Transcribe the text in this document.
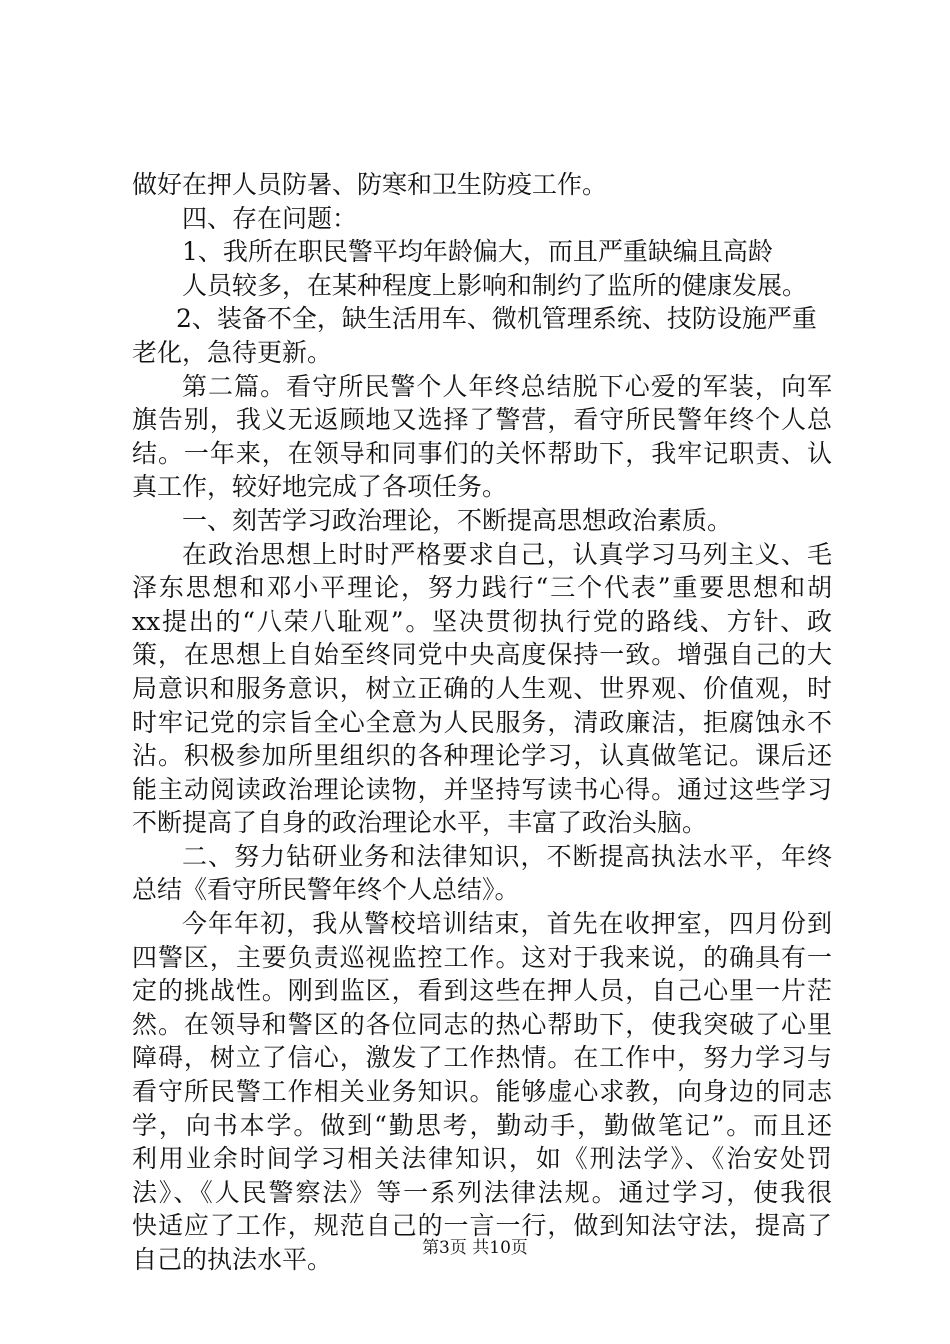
做好在押人员防暑、防寒和卫生防疫工作。
四、存在问题：
1、我所在职民警平均年龄偏大，而且严重缺编且高龄
人员较多，在某种程度上影响和制约了监所的健康发展。
2、装备不全，缺生活用车、微机管理系统、技防设施严重
老化，急待更新。
第二篇。看守所民警个人年终总结脱下心爱的军装，向军
旗告别，我义无返顾地又选择了警营，看守所民警年终个人总
结。一年来，在领导和同事们的关怀帮助下，我牢记职责、认
真工作，较好地完成了各项任务。
一、刻苦学习政治理论，不断提高思想政治素质。
在政治思想上时时严格要求自己，认真学习马列主义、毛
泽东思想和邓小平理论，努力践行“三个代表”重要思想和胡
xx提出的“八荣八耻观”。坚决贯彻执行党的路线、方针、政
策，在思想上自始至终同党中央高度保持一致。增强自己的大
局意识和服务意识，树立正确的人生观、世界观、价值观，时
时牢记党的宗旨全心全意为人民服务，清政廉洁，拒腐蚀永不
沾。积极参加所里组织的各种理论学习，认真做笔记。课后还
能主动阅读政治理论读物，并坚持写读书心得。通过这些学习
不断提高了自身的政治理论水平，丰富了政治头脑。
二、努力钻研业务和法律知识，不断提高执法水平，年终
总结《看守所民警年终个人总结》。
今年年初，我从警校培训结束，首先在收押室，四月份到
四警区，主要负责巡视监控工作。这对于我来说，的确具有一
定的挑战性。刚到监区，看到这些在押人员，自己心里一片茫
然。在领导和警区的各位同志的热心帮助下，使我突破了心里
障碍，树立了信心，激发了工作热情。在工作中，努力学习与
看守所民警工作相关业务知识。能够虚心求教，向身边的同志
学，向书本学。做到“勤思考，勤动手，勤做笔记”。而且还
利用业余时间学习相关法律知识，如《刑法学》、《治安处罚
法》、《人民警察法》等一系列法律法规。通过学习，使我很
快适应了工作，规范自己的一言一行，做到知法守法，提高了
自己的执法水平。	第3页 共10页
